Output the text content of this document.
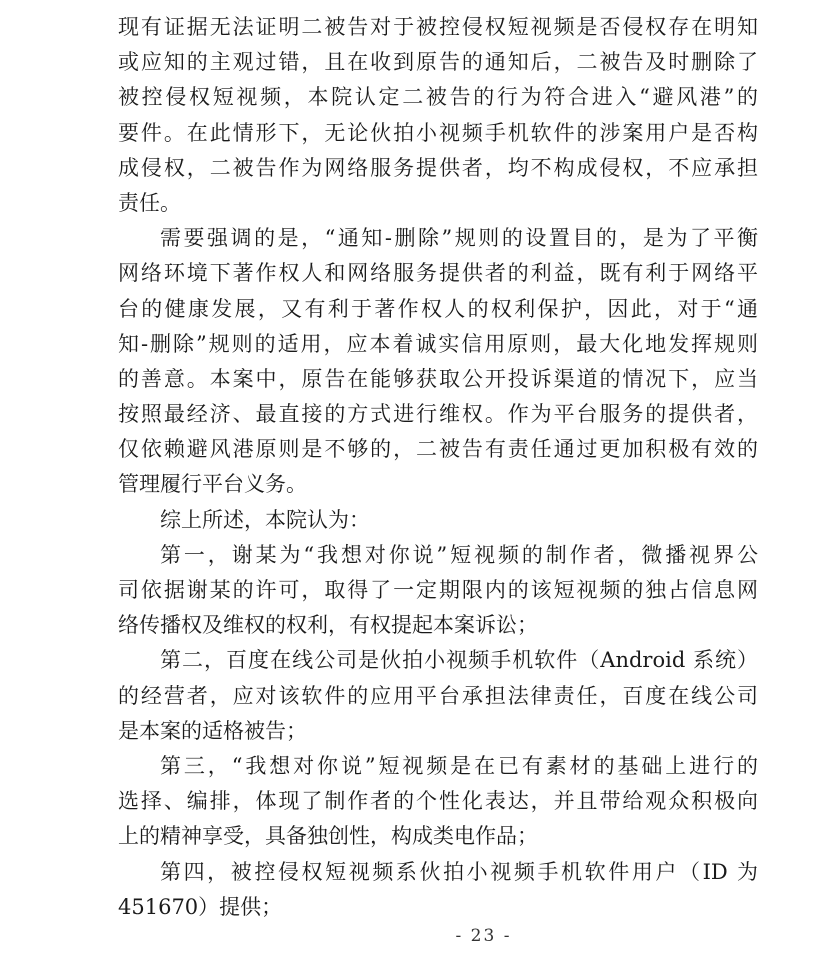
现有证据无法证明二被告对于被控侵权短视频是否侵权存在明知
或应知的主观过错，且在收到原告的通知后，二被告及时删除了
被控侵权短视频，本院认定二被告的行为符合进入“避风港”的
要件。在此情形下，无论伙拍小视频手机软件的涉案用户是否构
成侵权，二被告作为网络服务提供者，均不构成侵权，不应承担
责任。
需要强调的是，“通知-删除”规则的设置目的，是为了平衡
网络环境下著作权人和网络服务提供者的利益，既有利于网络平
台的健康发展，又有利于著作权人的权利保护，因此，对于“通
知-删除”规则的适用，应本着诚实信用原则，最大化地发挥规则
的善意。本案中，原告在能够获取公开投诉渠道的情况下，应当
按照最经济、最直接的方式进行维权。作为平台服务的提供者，
仅依赖避风港原则是不够的，二被告有责任通过更加积极有效的
管理履行平台义务。
综上所述，本院认为：
第一，谢某为“我想对你说”短视频的制作者，微播视界公
司依据谢某的许可，取得了一定期限内的该短视频的独占信息网
络传播权及维权的权利，有权提起本案诉讼；
第二，百度在线公司是伙拍小视频手机软件（Android 系统）
的经营者，应对该软件的应用平台承担法律责任，百度在线公司
是本案的适格被告；
第三，“我想对你说”短视频是在已有素材的基础上进行的
选择、编排，体现了制作者的个性化表达，并且带给观众积极向
上的精神享受，具备独创性，构成类电作品；
第四，被控侵权短视频系伙拍小视频手机软件用户（ID 为
451670）提供；
- 23 -
